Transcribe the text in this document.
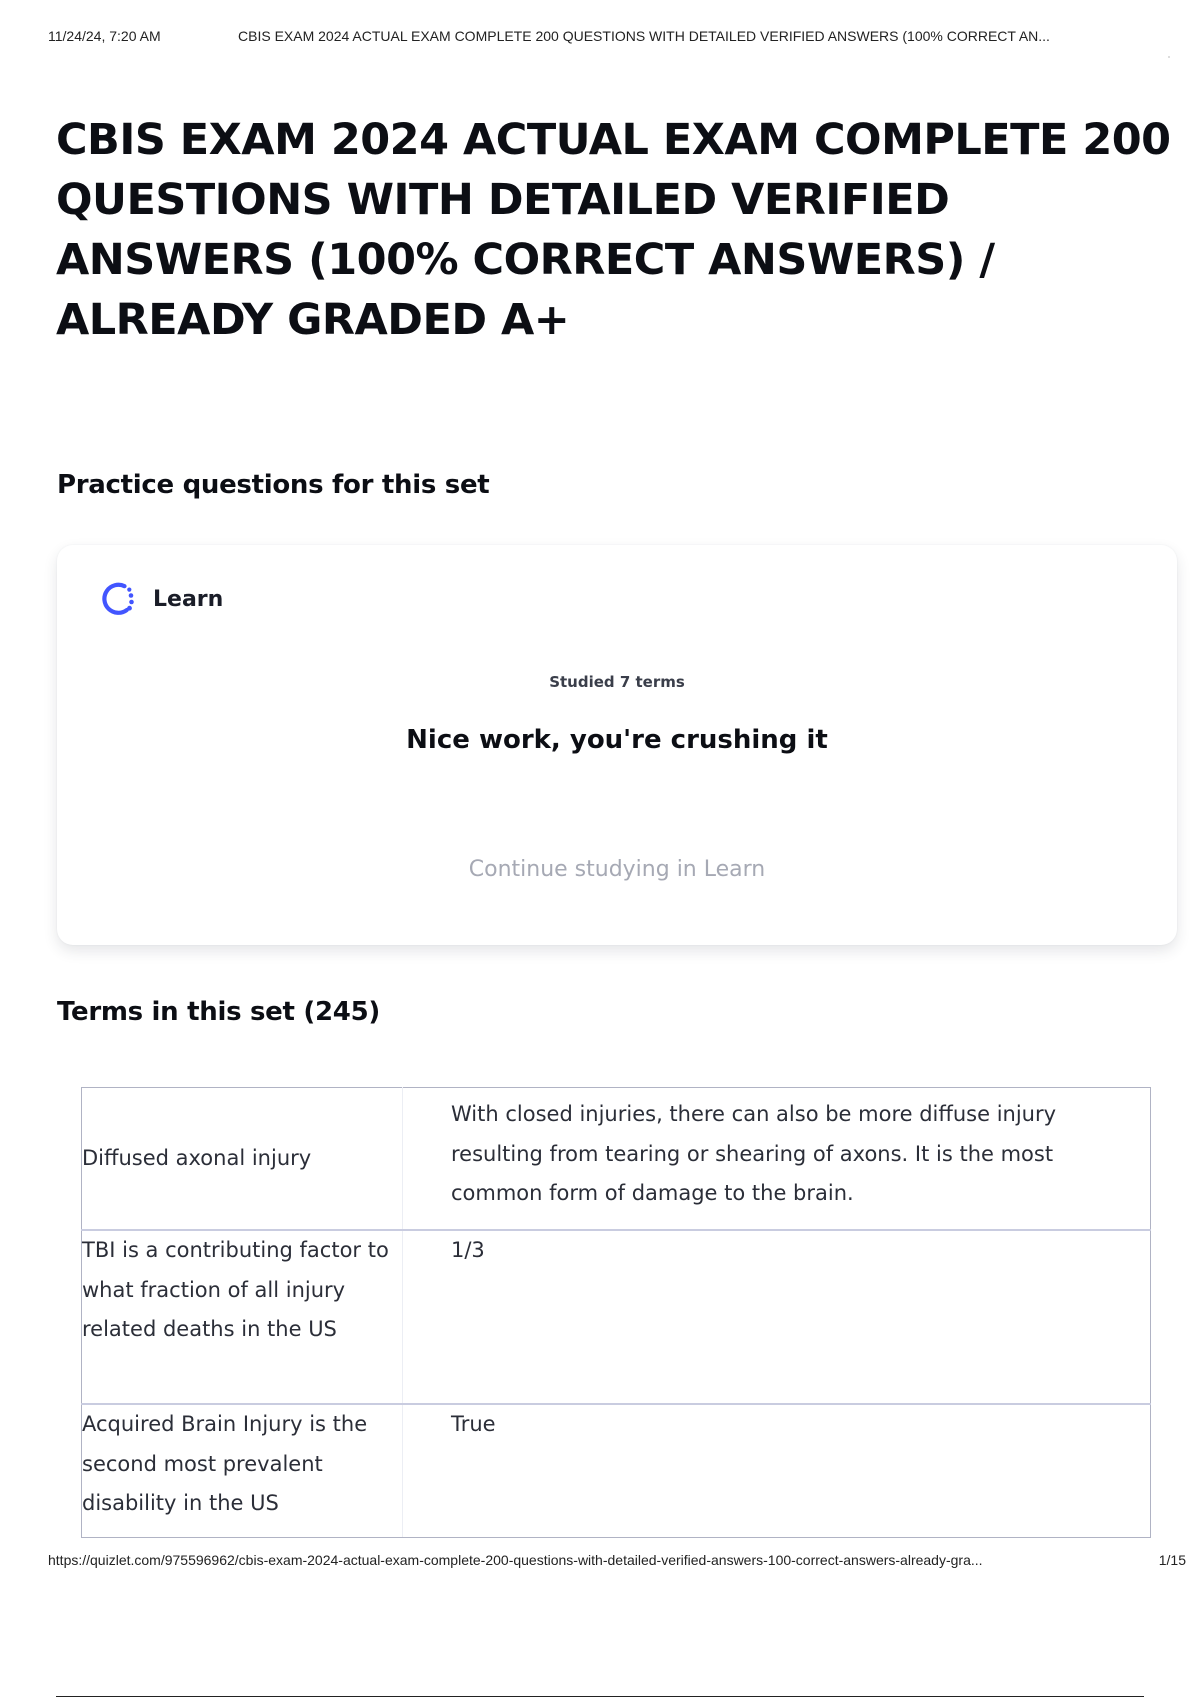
11/24/24, 7:20 AM	CBIS EXAM 2024 ACTUAL EXAM COMPLETE 200 QUESTIONS WITH DETAILED VERIFIED ANSWERS (100% CORRECT AN...
CBIS EXAM 2024 ACTUAL EXAM COMPLETE 200 QUESTIONS WITH DETAILED VERIFIED ANSWERS (100% CORRECT ANSWERS) / ALREADY GRADED A+
Practice questions for this set
Learn
Studied 7 terms
Nice work, you're crushing it
Continue studying in Learn
Terms in this set (245)
Diffused axonal injury	With closed injuries, there can also be more diffuse injury resulting from tearing or shearing of axons. It is the most common form of damage to the brain.
TBI is a contributing factor to what fraction of all injury related deaths in the US	1/3
Acquired Brain Injury is the second most prevalent disability in the US	True
https://quizlet.com/975596962/cbis-exam-2024-actual-exam-complete-200-questions-with-detailed-verified-answers-100-correct-answers-already-gra...	1/15
